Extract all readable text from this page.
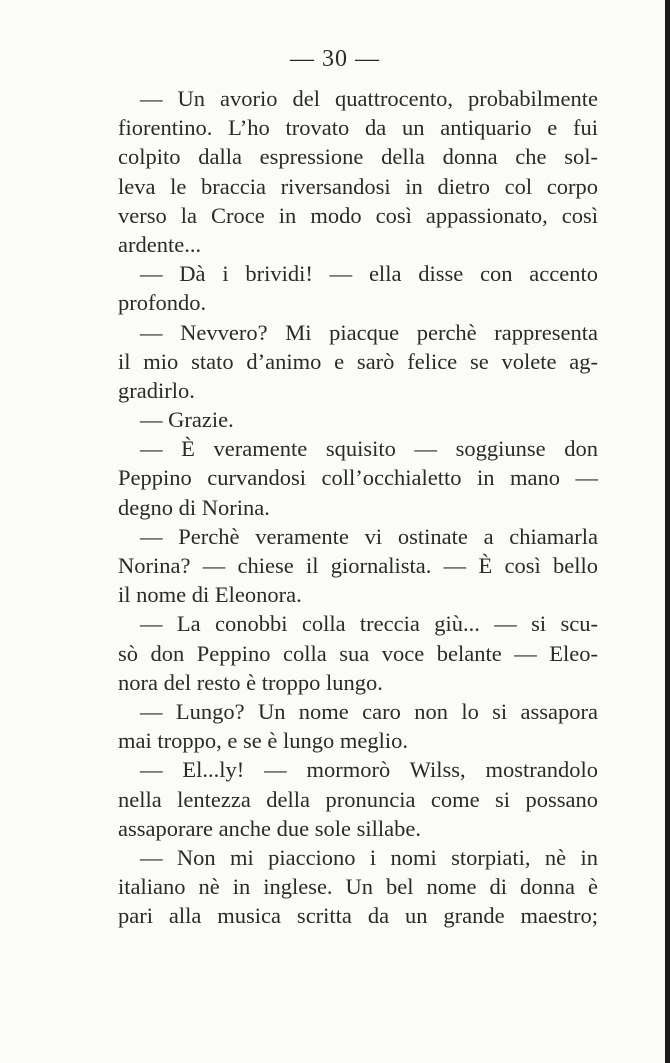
— 30 —
— Un avorio del quattrocento, probabilmente
fiorentino. L’ho trovato da un antiquario e fui
colpito dalla espressione della donna che sol-
leva le braccia riversandosi in dietro col corpo
verso la Croce in modo così appassionato, così
ardente...
— Dà i brividi! — ella disse con accento
profondo.
— Nevvero? Mi piacque perchè rappresenta
il mio stato d’animo e sarò felice se volete ag-
gradirlo.
— Grazie.
— È veramente squisito — soggiunse don
Peppino curvandosi coll’occhialetto in mano —
degno di Norina.
— Perchè veramente vi ostinate a chiamarla
Norina? — chiese il giornalista. — È così bello
il nome di Eleonora.
— La conobbi colla treccia giù... — si scu-
sò don Peppino colla sua voce belante — Eleo-
nora del resto è troppo lungo.
— Lungo? Un nome caro non lo si assapora
mai troppo, e se è lungo meglio.
— El...ly! — mormorò Wilss, mostrandolo
nella lentezza della pronuncia come si possano
assaporare anche due sole sillabe.
— Non mi piacciono i nomi storpiati, nè in
italiano nè in inglese. Un bel nome di donna è
pari alla musica scritta da un grande maestro;
